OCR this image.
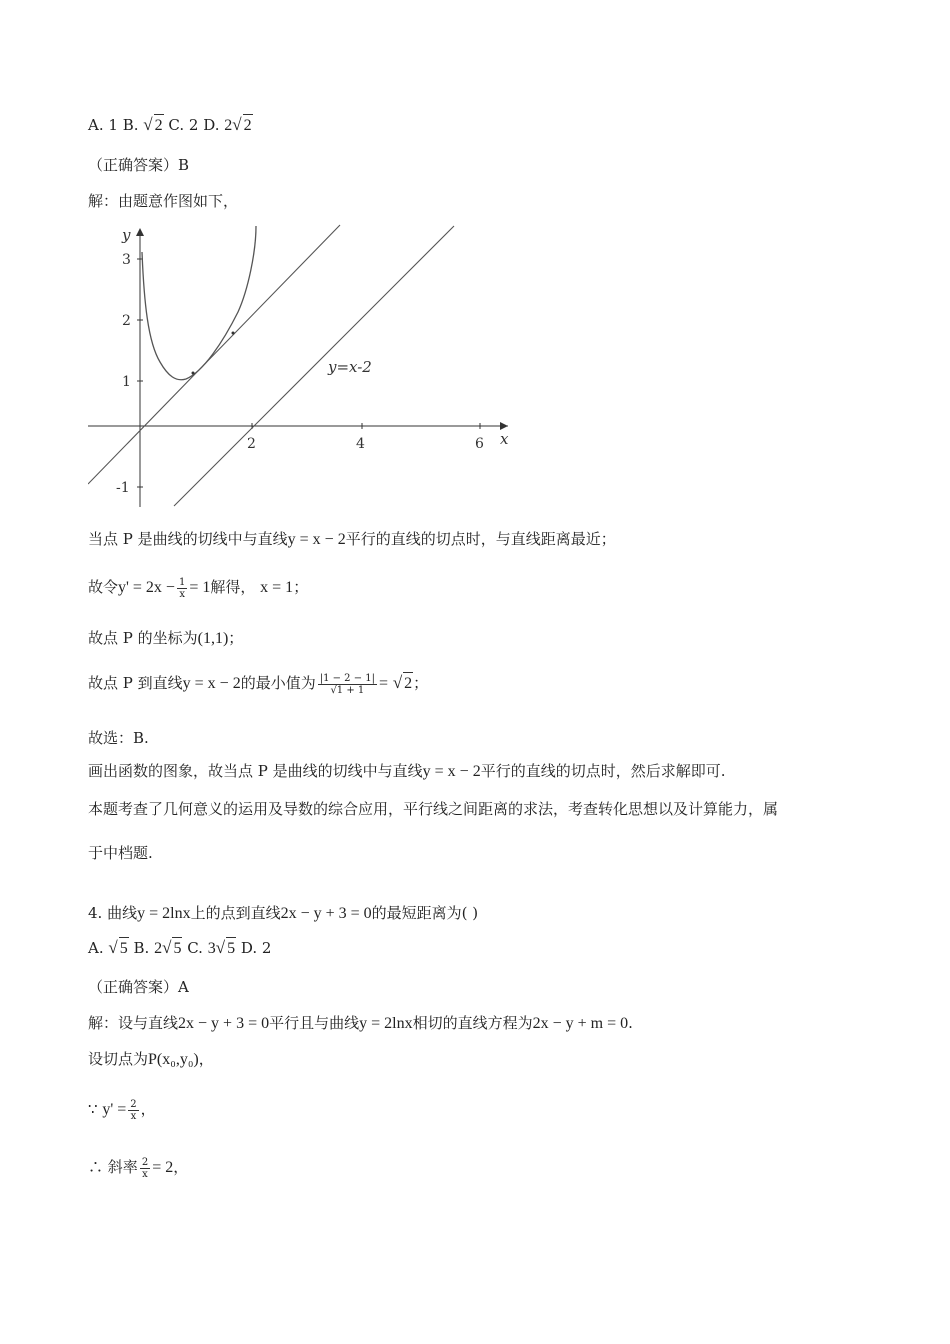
A. 1 B. √ 2 C. 2 D. 2√ 2
（正确答案）B
解：由题意作图如下，
y
x
3
2
1
-1
2	4	6
y=x-2
当点 P 是曲线的切线中与直线y = x − 2平行的直线的切点时，与直线距离最近；
故令$y' = 2x - \frac{1}{x} = 1$解得， x = 1；
故点 P 的坐标为(1,1)；
故点 P 到直线y = x − 2的最小值为 $\frac{|1 - 2 - 1|}{√1 + 1}$ = √ 2；
故选：B.
画出函数的图象，故当点 P 是曲线的切线中与直线y = x − 2平行的直线的切点时，然后求解即可.
本题考查了几何意义的运用及导数的综合应用，平行线之间距离的求法，考查转化思想以及计算能力，属
于中档题.
4. 曲线y = 2lnx上的点到直线2x − y + 3 = 0的最短距离为( )
A. √ 5 B. 2√ 5 C. 3√ 5 D. 2
（正确答案）A
解：设与直线2x − y + 3 = 0平行且与曲线y = 2lnx相切的直线方程为2x − y + m = 0.
设切点为P(x₀,y₀)，
∵ $y' = \frac{2}{x}$ ，
∴ 斜率 $\frac{2}{x} = 2$，
